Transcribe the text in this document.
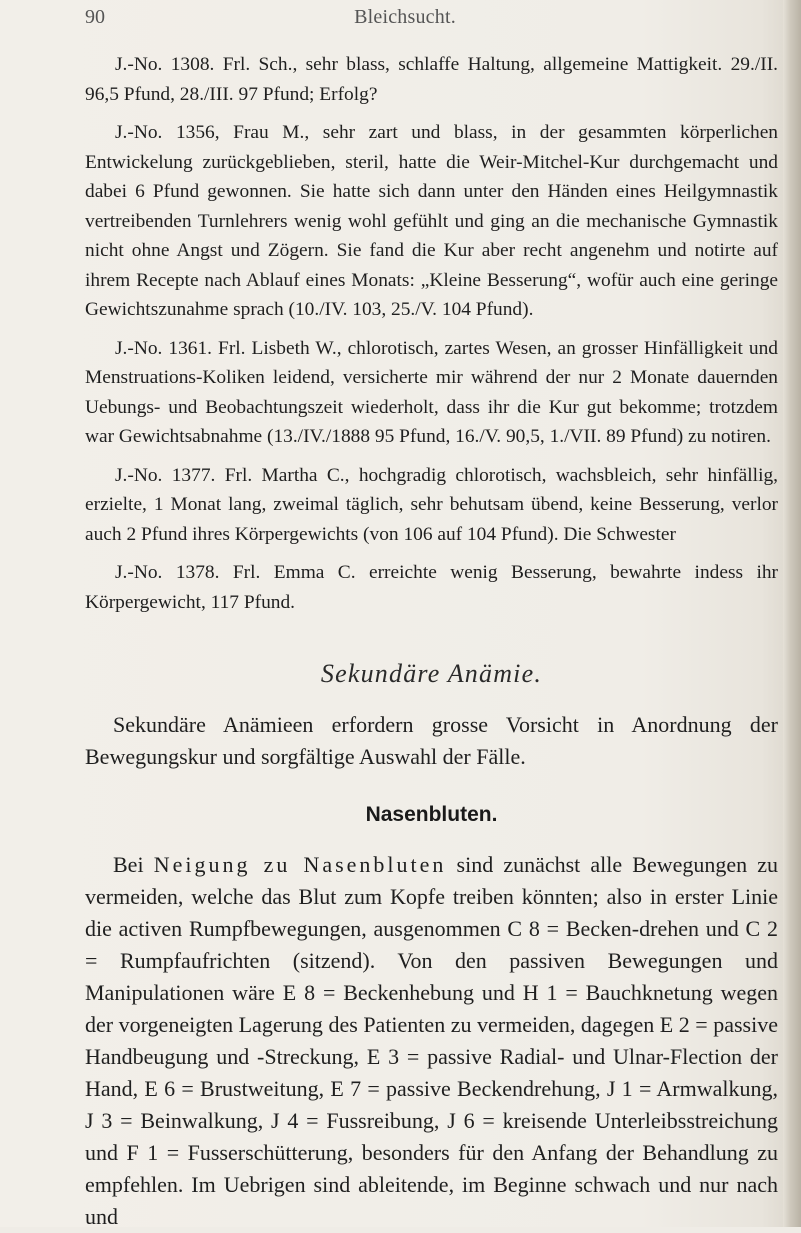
90	Bleichsucht.

J.-No. 1308. Frl. Sch., sehr blass, schlaffe Haltung, allgemeine Mattigkeit. 29./II. 96,5 Pfund, 28./III. 97 Pfund; Erfolg?

J.-No. 1356, Frau M., sehr zart und blass, in der gesammten körperlichen Entwickelung zurückgeblieben, steril, hatte die Weir-Mitchel-Kur durchgemacht und dabei 6 Pfund gewonnen. Sie hatte sich dann unter den Händen eines Heilgymnastik vertreibenden Turnlehrers wenig wohl gefühlt und ging an die mechanische Gymnastik nicht ohne Angst und Zögern. Sie fand die Kur aber recht angenehm und notirte auf ihrem Recepte nach Ablauf eines Monats: „Kleine Besserung“, wofür auch eine geringe Gewichtszunahme sprach (10./IV. 103, 25./V. 104 Pfund).

J.-No. 1361. Frl. Lisbeth W., chlorotisch, zartes Wesen, an grosser Hinfälligkeit und Menstruations-Koliken leidend, versicherte mir während der nur 2 Monate dauernden Uebungs- und Beobachtungszeit wiederholt, dass ihr die Kur gut bekomme; trotzdem war Gewichtsabnahme (13./IV./1888 95 Pfund, 16./V. 90,5, 1./VII. 89 Pfund) zu notiren.

J.-No. 1377. Frl. Martha C., hochgradig chlorotisch, wachsbleich, sehr hinfällig, erzielte, 1 Monat lang, zweimal täglich, sehr behutsam übend, keine Besserung, verlor auch 2 Pfund ihres Körpergewichts (von 106 auf 104 Pfund). Die Schwester

J.-No. 1378. Frl. Emma C. erreichte wenig Besserung, bewahrte indess ihr Körpergewicht, 117 Pfund.

Sekundäre Anämie.

Sekundäre Anämieen erfordern grosse Vorsicht in Anordnung der Bewegungskur und sorgfältige Auswahl der Fälle.

Nasenbluten.

Bei Neigung zu Nasenbluten sind zunächst alle Bewegungen zu vermeiden, welche das Blut zum Kopfe treiben könnten; also in erster Linie die activen Rumpfbewegungen, ausgenommen C 8 = Becken-drehen und C 2 = Rumpfaufrichten (sitzend). Von den passiven Bewegungen und Manipulationen wäre E 8 = Beckenhebung und H 1 = Bauchknetung wegen der vorgeneigten Lagerung des Patienten zu vermeiden, dagegen E 2 = passive Handbeugung und -Streckung, E 3 = passive Radial- und Ulnar-Flection der Hand, E 6 = Brustweitung, E 7 = passive Beckendrehung, J 1 = Armwalkung, J 3 = Beinwalkung, J 4 = Fussreibung, J 6 = kreisende Unterleibsstreichung und F 1 = Fusserschütterung, besonders für den Anfang der Behandlung zu empfehlen. Im Uebrigen sind ableitende, im Beginne schwach und nur nach und
